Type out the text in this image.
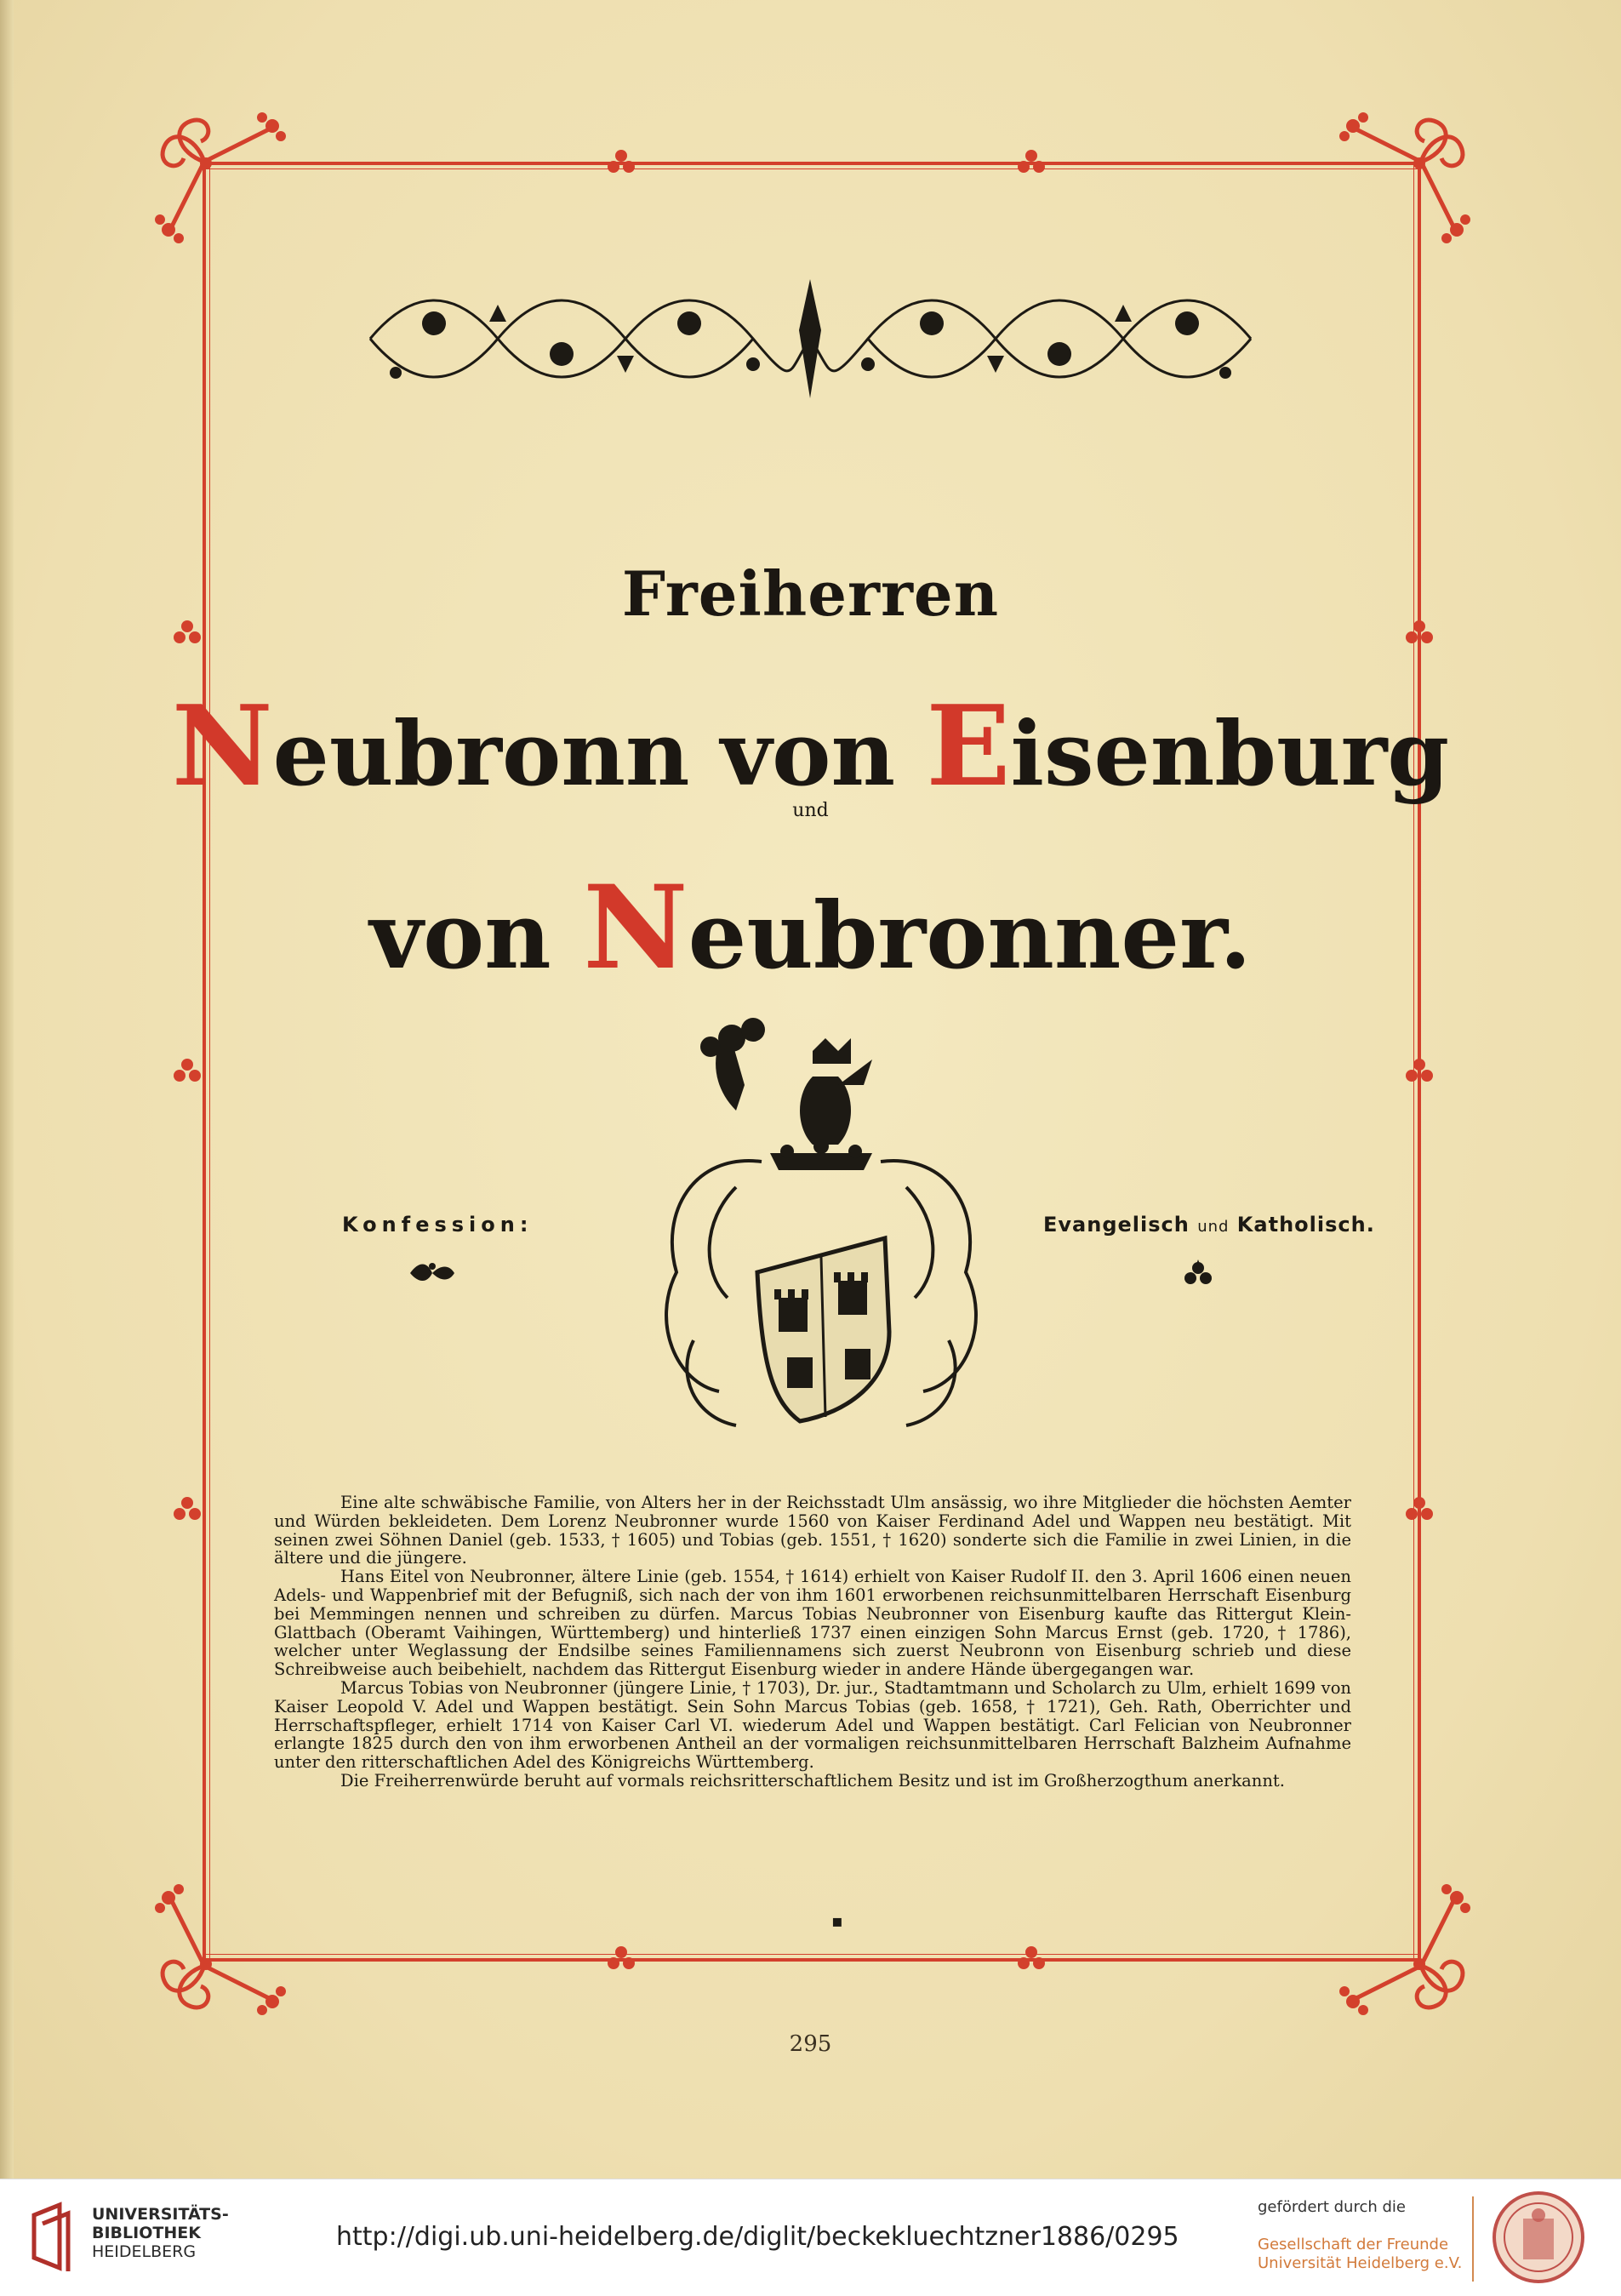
Freiherren
Neubronn von Eisenburg
und
von Neubronner.
Konfession:	Evangelisch und Katholisch.

Eine alte schwäbische Familie, von Alters her in der Reichsstadt Ulm ansässig, wo ihre Mitglieder die höchsten Aemter und Würden bekleideten. Dem Lorenz Neubronner wurde 1560 von Kaiser Ferdinand Adel und Wappen neu bestätigt. Mit seinen zwei Söhnen Daniel (geb. 1533, † 1605) und Tobias (geb. 1551, † 1620) sonderte sich die Familie in zwei Linien, in die ältere und die jüngere.

Hans Eitel von Neubronner, ältere Linie (geb. 1554, † 1614) erhielt von Kaiser Rudolf II. den 3. April 1606 einen neuen Adels- und Wappenbrief mit der Befugniß, sich nach der von ihm 1601 erworbenen reichsunmittelbaren Herrschaft Eisenburg bei Memmingen nennen und schreiben zu dürfen. Marcus Tobias Neubronner von Eisenburg kaufte das Rittergut Klein-Glattbach (Oberamt Vaihingen, Württemberg) und hinterließ 1737 einen einzigen Sohn Marcus Ernst (geb. 1720, † 1786), welcher unter Weglassung der Endsilbe seines Familiennamens sich zuerst Neubronn von Eisenburg schrieb und diese Schreibweise auch beibehielt, nachdem das Rittergut Eisenburg wieder in andere Hände übergegangen war.

Marcus Tobias von Neubronner (jüngere Linie, † 1703), Dr. jur., Stadtamtmann und Scholarch zu Ulm, erhielt 1699 von Kaiser Leopold V. Adel und Wappen bestätigt. Sein Sohn Marcus Tobias (geb. 1658, † 1721), Geh. Rath, Oberrichter und Herrschaftspfleger, erhielt 1714 von Kaiser Carl VI. wiederum Adel und Wappen bestätigt. Carl Felician von Neubronner erlangte 1825 durch den von ihm erworbenen Antheil an der vormaligen reichsunmittelbaren Herrschaft Balzheim Aufnahme unter den ritterschaftlichen Adel des Königreichs Württemberg.

Die Freiherrenwürde beruht auf vormals reichsritterschaftlichem Besitz und ist im Großherzogthum anerkannt.

▪
295
UNIVERSITÄTS-
BIBLIOTHEK
HEIDELBERG	http://digi.ub.uni-heidelberg.de/diglit/beckekluechtzner1886/0295
gefördert durch die
Gesellschaft der Freunde
Universität Heidelberg e.V.
